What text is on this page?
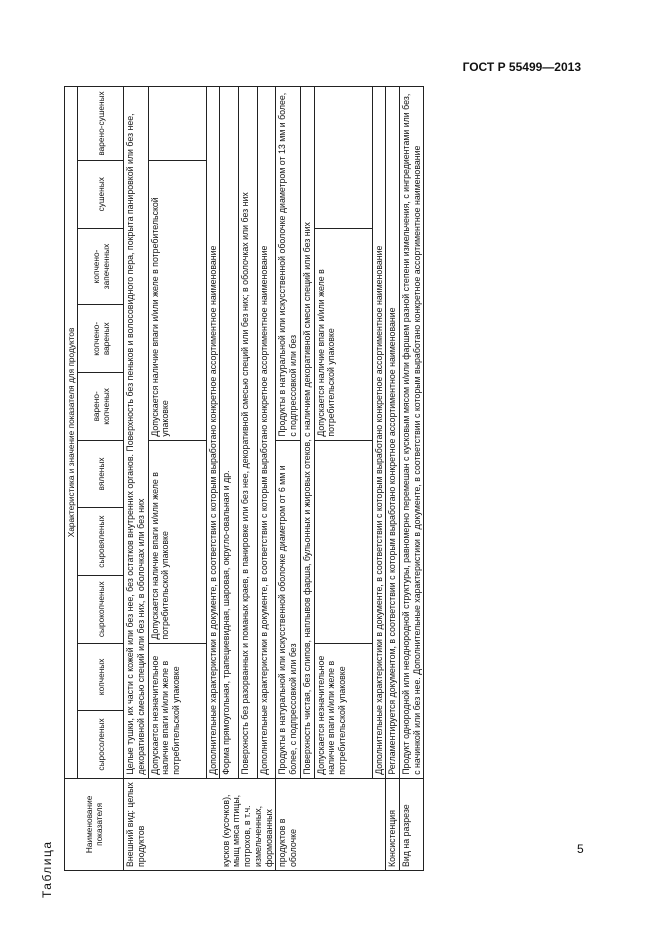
ГОСТ Р 55499—2013
Таблица
Наименование показателя	Характеристика и значение показателя для продуктов									
	сыросоленых	копченых	сырокопченых	сыровяленых	вяленых	варено-копченых	копчено-вареных	копчено-запеченных	сушеных	варено-сушеных
Внешний вид: целых продуктов	Целые тушки, их части с кожей или без нее, без остатков внутренних органов. Поверхность без пеньков и волосовидного пера, покрыта панировкой или без нее, декоративной смесью специй или без них, в оболочках или без них									
	Допускается незначительное наличие впаги и/или желе в потребительской упаковке		Допускается наличие впаги и/или желе в потребительской упаковке			Допускается наличие впаги и/или желе в потребительской упаковке				
	Дополнительные характеристики в документе, в соответствии с которым выработано конкретное ассортиментное наименование									
кусков (кусочков), мыщ мяса птицы, потрохов, в т.ч. измельченных, формованных	Форма прямоугольная, трапециевидная, шаровая, округло-овальная и др.									
	Поверхность без разорванных и поманых краев, в панировке или без нее, декоративной смесью специй или без них; в оболочках или без них									
	Дополнительные характеристики в документе, в соответствии с которым выработано конкретное ассортиментное наименование									
продуктов в оболочке	Продукты в натуральной или искусственной оболочке диаметром от 6 мм и более, с подпрессовкой или без					Продукты в натуральной или искусственной оболочке диаметром от 13 мм и более, с подпрессовкой или без				
	Поверхность чистая, без слипов, наплывов фарша, бульонных и жировых отеков, с наличием декоративной смеси специй или без них									
	Допускается незначительное наличие впаги и/или желе в потребительской упаковке					Допускается наличие впаги и/или желе в потребительской упаковке				
	Дополнительные характеристики в документе, в соответствии с которым выработано конкретное ассортиментное наименование									
Консистенция	Регламентируется документом, в соответствии с которым выработано конкретное ассортиментное наименование									
Вид на разрезе	Продукт однородной или неоднородной структуры, равномерно перемешан с кусковым мясом и/или фаршем разной степени измельчения, с ингредиентами или без, с начинкой или без нее. Дополнительные характеристики в документе, в соответствии с которым выработано конкретное ассортиментное наименование									
5
